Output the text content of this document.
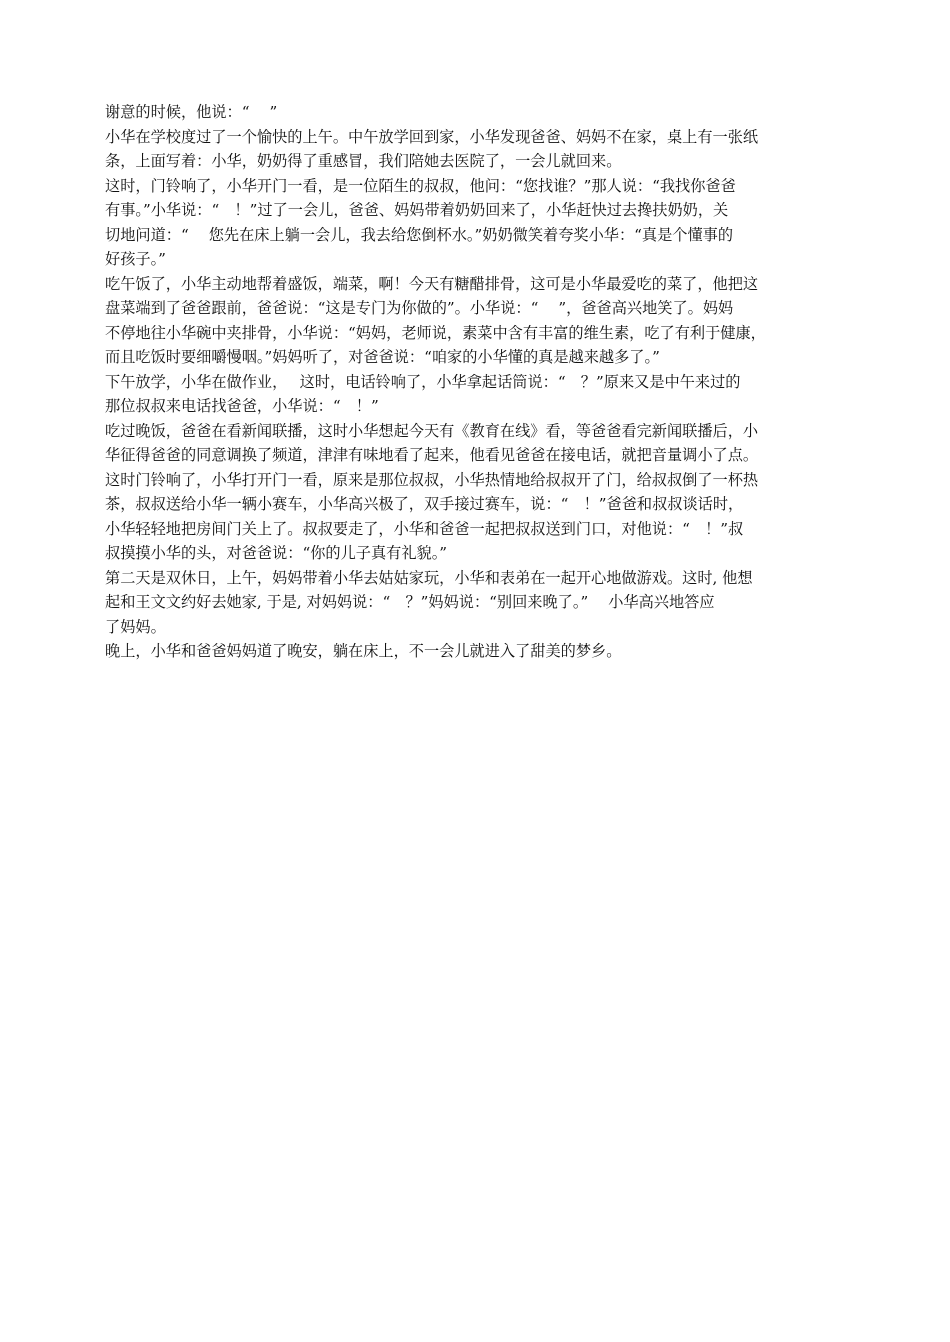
谢意的时候，他说：“　 ”
小华在学校度过了一个愉快的上午。中午放学回到家，小华发现爸爸、妈妈不在家，桌上有一张纸
条，上面写着：小华，奶奶得了重感冒，我们陪她去医院了，一会儿就回来。
这时，门铃响了，小华开门一看，是一位陌生的叔叔，他问：“您找谁？”那人说：“我找你爸爸
有事。”小华说：“　！”过了一会儿，爸爸、妈妈带着奶奶回来了，小华赶快过去搀扶奶奶，关
切地问道：“　 您先在床上躺一会儿，我去给您倒杯水。”奶奶微笑着夸奖小华：“真是个懂事的
好孩子。”
吃午饭了，小华主动地帮着盛饭，端菜，啊！今天有糖醋排骨，这可是小华最爱吃的菜了，他把这
盘菜端到了爸爸跟前，爸爸说：“这是专门为你做的”。小华说：“　 ”，爸爸高兴地笑了。妈妈
不停地往小华碗中夹排骨，小华说：“妈妈，老师说，素菜中含有丰富的维生素，吃了有利于健康，
而且吃饭时要细嚼慢咽。”妈妈听了，对爸爸说：“咱家的小华懂的真是越来越多了。”
下午放学，小华在做作业，　 这时，电话铃响了，小华拿起话筒说：“　？”原来又是中午来过的
那位叔叔来电话找爸爸，小华说：“　！”
吃过晚饭，爸爸在看新闻联播，这时小华想起今天有《教育在线》看，等爸爸看完新闻联播后，小
华征得爸爸的同意调换了频道，津津有味地看了起来，他看见爸爸在接电话，就把音量调小了点。
这时门铃响了，小华打开门一看，原来是那位叔叔，小华热情地给叔叔开了门，给叔叔倒了一杯热
茶，叔叔送给小华一辆小赛车，小华高兴极了，双手接过赛车，说：“　！”爸爸和叔叔谈话时，
小华轻轻地把房间门关上了。叔叔要走了，小华和爸爸一起把叔叔送到门口，对他说：“　！”叔
叔摸摸小华的头，对爸爸说：“你的儿子真有礼貌。”
第二天是双休日，上午，妈妈带着小华去姑姑家玩，小华和表弟在一起开心地做游戏。这时, 他想
起和王文文约好去她家, 于是, 对妈妈说：“　？”妈妈说：“别回来晚了。”　 小华高兴地答应
了妈妈。
晚上，小华和爸爸妈妈道了晚安，躺在床上，不一会儿就进入了甜美的梦乡。
